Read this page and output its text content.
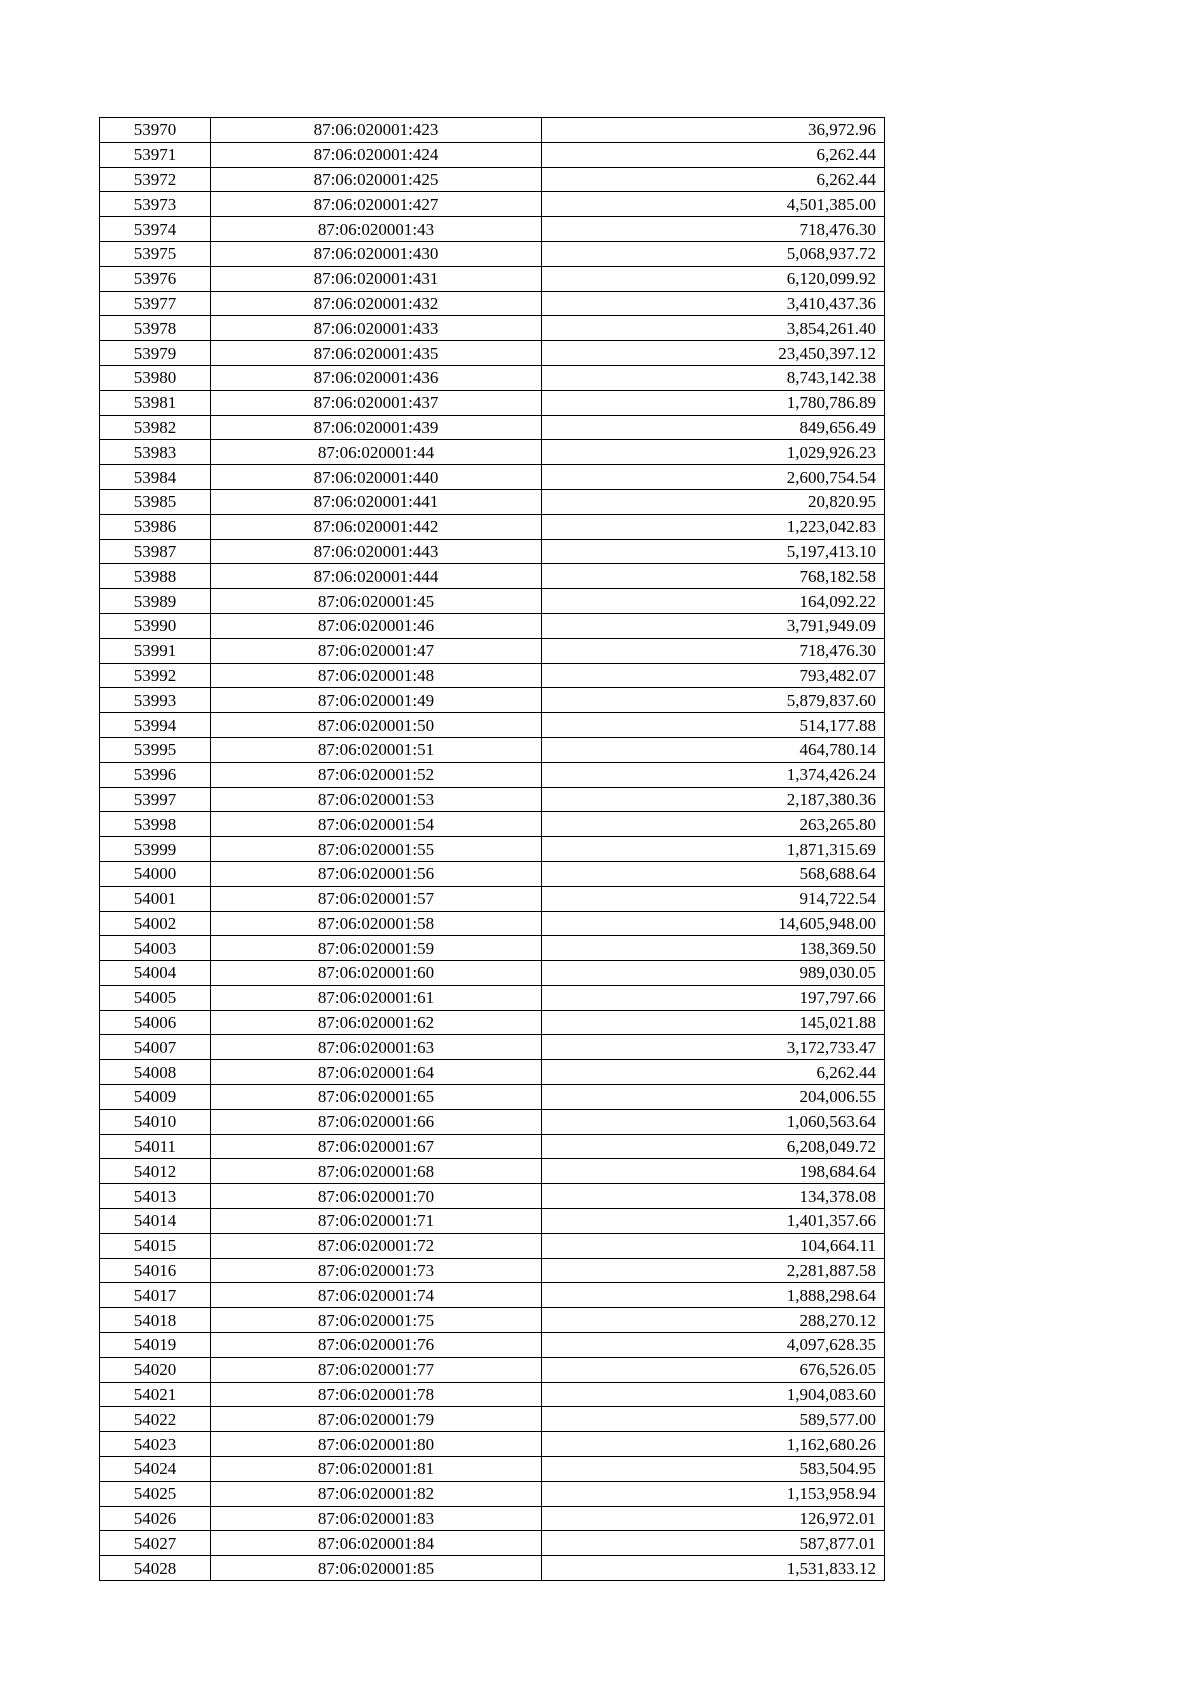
53970	87:06:020001:423	36,972.96
53971	87:06:020001:424	6,262.44
53972	87:06:020001:425	6,262.44
53973	87:06:020001:427	4,501,385.00
53974	87:06:020001:43	718,476.30
53975	87:06:020001:430	5,068,937.72
53976	87:06:020001:431	6,120,099.92
53977	87:06:020001:432	3,410,437.36
53978	87:06:020001:433	3,854,261.40
53979	87:06:020001:435	23,450,397.12
53980	87:06:020001:436	8,743,142.38
53981	87:06:020001:437	1,780,786.89
53982	87:06:020001:439	849,656.49
53983	87:06:020001:44	1,029,926.23
53984	87:06:020001:440	2,600,754.54
53985	87:06:020001:441	20,820.95
53986	87:06:020001:442	1,223,042.83
53987	87:06:020001:443	5,197,413.10
53988	87:06:020001:444	768,182.58
53989	87:06:020001:45	164,092.22
53990	87:06:020001:46	3,791,949.09
53991	87:06:020001:47	718,476.30
53992	87:06:020001:48	793,482.07
53993	87:06:020001:49	5,879,837.60
53994	87:06:020001:50	514,177.88
53995	87:06:020001:51	464,780.14
53996	87:06:020001:52	1,374,426.24
53997	87:06:020001:53	2,187,380.36
53998	87:06:020001:54	263,265.80
53999	87:06:020001:55	1,871,315.69
54000	87:06:020001:56	568,688.64
54001	87:06:020001:57	914,722.54
54002	87:06:020001:58	14,605,948.00
54003	87:06:020001:59	138,369.50
54004	87:06:020001:60	989,030.05
54005	87:06:020001:61	197,797.66
54006	87:06:020001:62	145,021.88
54007	87:06:020001:63	3,172,733.47
54008	87:06:020001:64	6,262.44
54009	87:06:020001:65	204,006.55
54010	87:06:020001:66	1,060,563.64
54011	87:06:020001:67	6,208,049.72
54012	87:06:020001:68	198,684.64
54013	87:06:020001:70	134,378.08
54014	87:06:020001:71	1,401,357.66
54015	87:06:020001:72	104,664.11
54016	87:06:020001:73	2,281,887.58
54017	87:06:020001:74	1,888,298.64
54018	87:06:020001:75	288,270.12
54019	87:06:020001:76	4,097,628.35
54020	87:06:020001:77	676,526.05
54021	87:06:020001:78	1,904,083.60
54022	87:06:020001:79	589,577.00
54023	87:06:020001:80	1,162,680.26
54024	87:06:020001:81	583,504.95
54025	87:06:020001:82	1,153,958.94
54026	87:06:020001:83	126,972.01
54027	87:06:020001:84	587,877.01
54028	87:06:020001:85	1,531,833.12
